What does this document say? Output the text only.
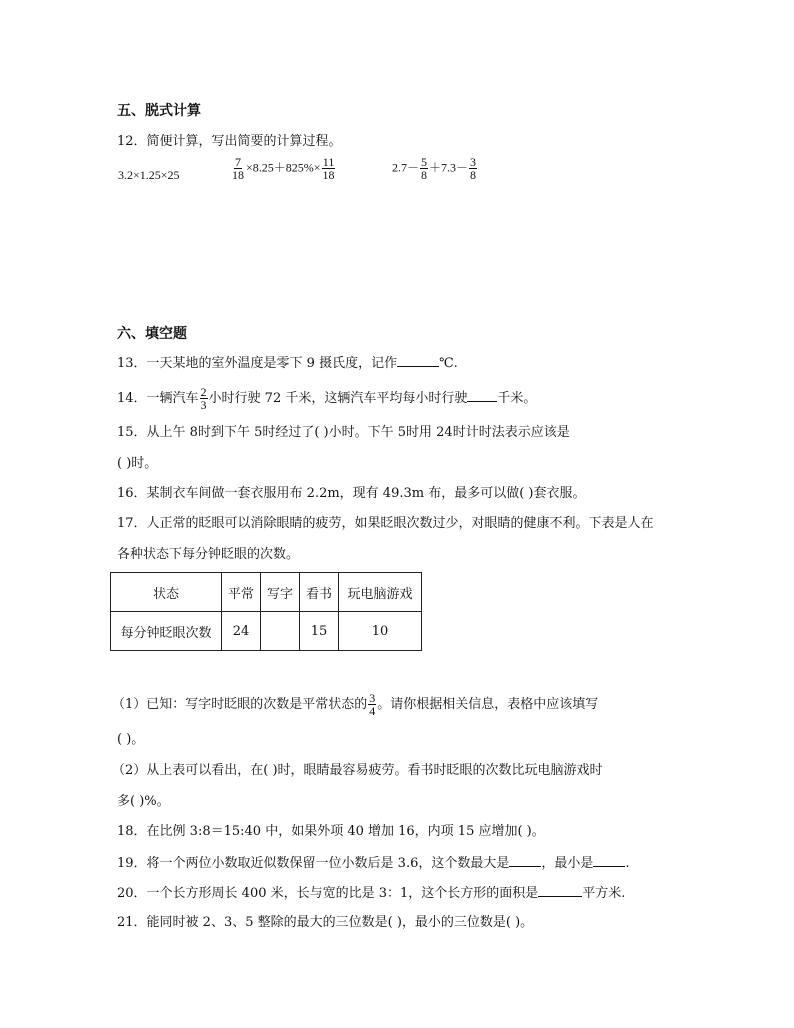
五、脱式计算
12．简便计算，写出简要的计算过程。
3.2×1.25×25	$\frac{7}{18} \times 8.25+825\%\times \frac{11}{18}$	$2.7- \frac{5}{8} +7.3- \frac{3}{8}$
六、填空题
13．一天某地的室外温度是零下 9 摄氏度，记作	℃.
14．一辆汽车 $\frac{2}{3}$ 小时行驶 72 千米，这辆汽车平均每小时行驶 千米。
15．从上午 8时到下午 5时经过了( )小时。下午 5时用 24时计时法表示应该是
( )时。
16．某制衣车间做一套衣服用布 2.2m，现有 49.3m 布，最多可以做( )套衣服。
17．人正常的眨眼可以消除眼睛的疲劳，如果眨眼次数过少，对眼睛的健康不利。下表是人在
各种状态下每分钟眨眼的次数。
状态	平常	写字	看书	玩电脑游戏
每分钟眨眼次数	24		15	10
（1）已知：写字时眨眼的次数是平常状态的 $\frac{3}{4}$ 。请你根据相关信息，表格中应该填写
( )。
（2）从上表可以看出，在( )时，眼睛最容易疲劳。看书时眨眼的次数比玩电脑游戏时
多( )%。
18．在比例 3:8＝15:40 中，如果外项 40 增加 16，内项 15 应增加( )。
19．将一个两位小数取近似数保留一位小数后是 3.6，这个数最大是 ，最小是 .
20．一个长方形周长 400 米，长与宽的比是 3：1，这个长方形的面积是	平方米.
21．能同时被 2、3、5 整除的最大的三位数是( )，最小的三位数是( )。
